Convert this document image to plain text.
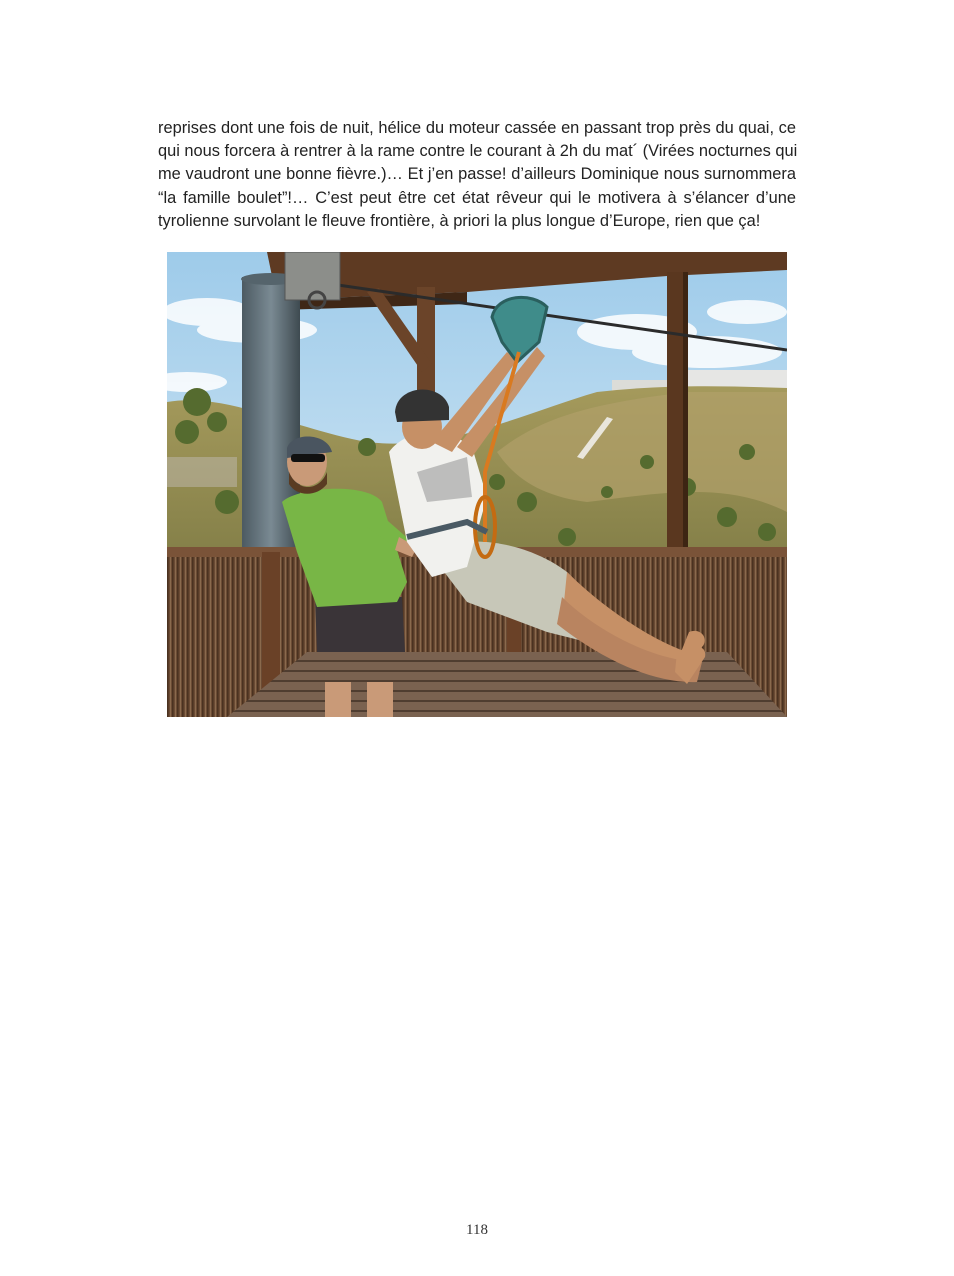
reprises dont une fois de nuit, hélice du moteur cassée en passant trop près du quai, ce
qui nous forcera à rentrer à la rame contre le courant à 2h du mat´ (Virées nocturnes qui
me vaudront une bonne fièvre.)… Et j’en passe! d’ailleurs Dominique nous surnommera
“la famille boulet”!… C’est peut être cet état rêveur qui le motivera à s’élancer d’une
tyrolienne survolant le fleuve frontière, à priori la plus longue d’Europe, rien que ça!
118
